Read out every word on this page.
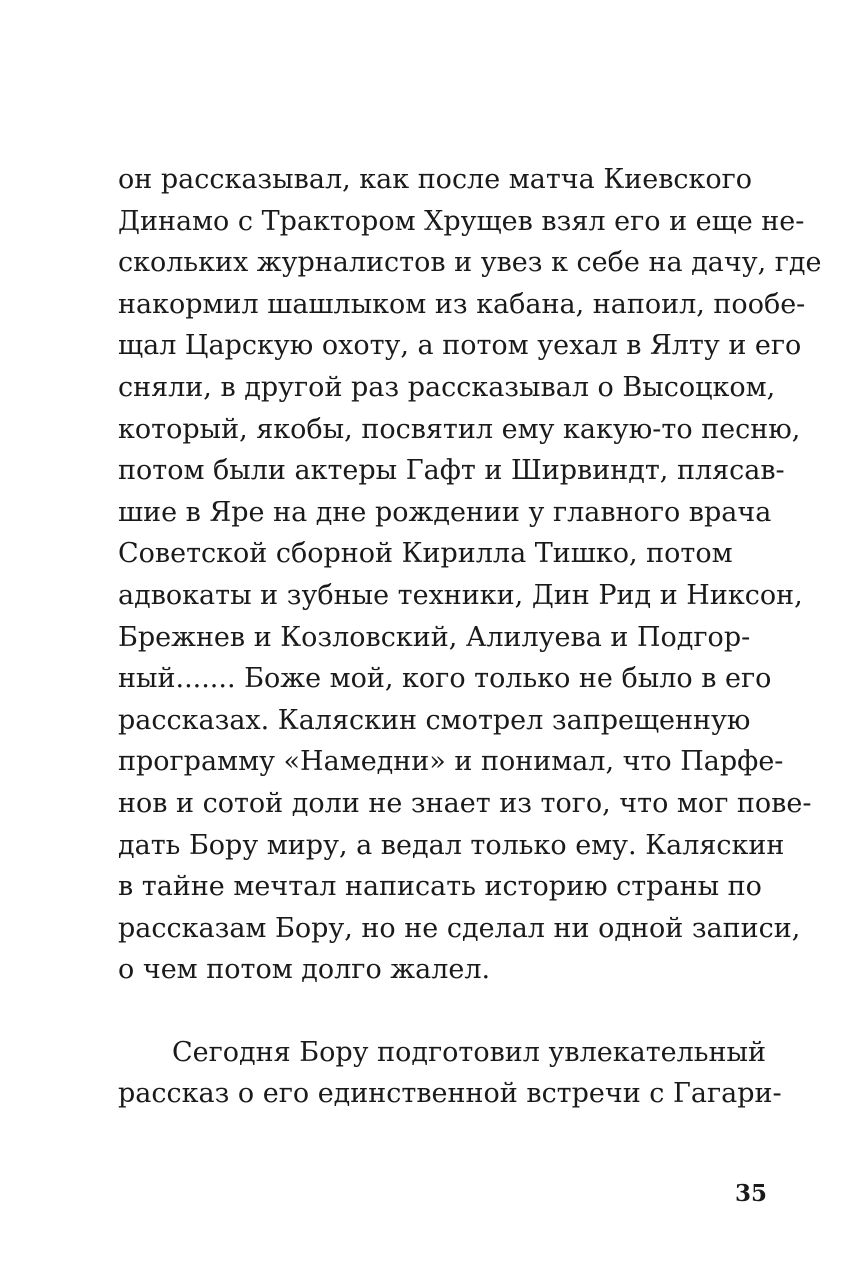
он рассказывал, как после матча Киевского
Динамо с Трактором Хрущев взял его и еще не-
скольких журналистов и увез к себе на дачу, где
накормил шашлыком из кабана, напоил, пообе-
щал Царскую охоту, а потом уехал в Ялту и его
сняли, в другой раз рассказывал о Высоцком,
который, якобы, посвятил ему какую-то песню,
потом были актеры Гафт и Ширвиндт, плясав-
шие в Яре на дне рождении у главного врача
Советской сборной Кирилла Тишко, потом
адвокаты и зубные техники, Дин Рид и Никсон,
Брежнев и Козловский, Алилуева и Подгор-
ный....... Боже мой, кого только не было в его
рассказах. Каляскин смотрел запрещенную
программу «Намедни» и понимал, что Парфе-
нов и сотой доли не знает из того, что мог пове-
дать Бору миру, а ведал только ему. Каляскин
в тайне мечтал написать историю страны по
рассказам Бору, но не сделал ни одной записи,
о чем потом долго жалел.
Сегодня Бору подготовил увлекательный
рассказ о его единственной встречи с Гагари-
35
